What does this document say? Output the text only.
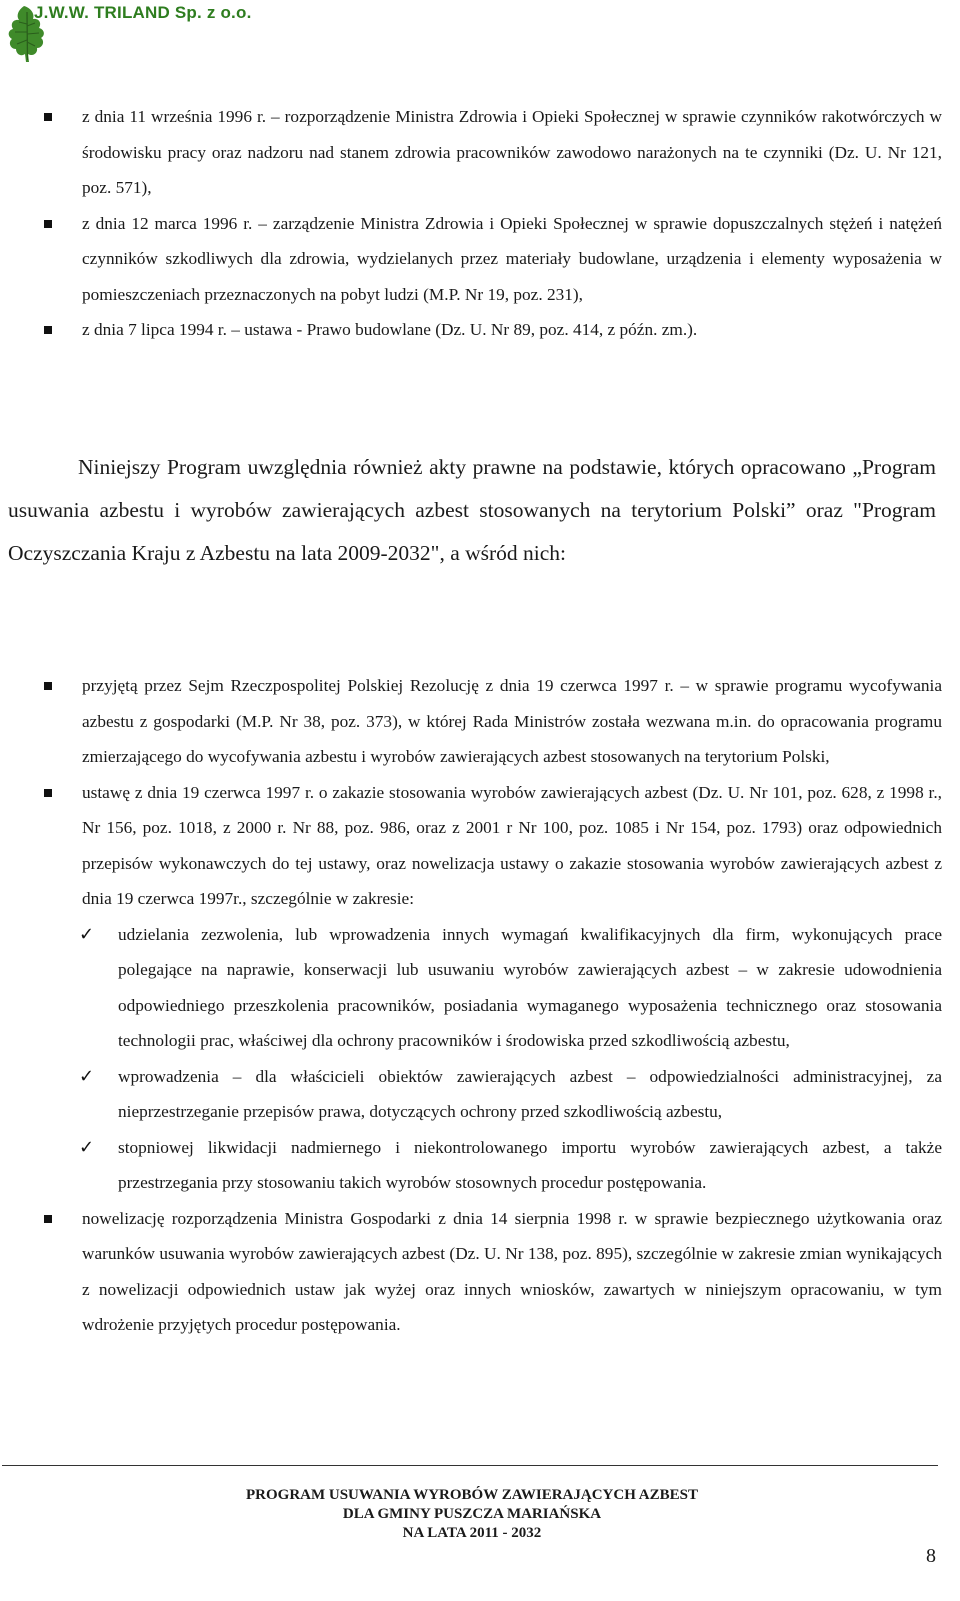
J.W.W. TRILAND Sp. z o.o.
z dnia 11 września 1996 r. – rozporządzenie Ministra Zdrowia i Opieki Społecznej w sprawie czynników rakotwórczych w środowisku pracy oraz nadzoru nad stanem zdrowia pracowników zawodowo narażonych na te czynniki (Dz. U. Nr 121, poz. 571),
z dnia 12 marca 1996 r. – zarządzenie Ministra Zdrowia i Opieki Społecznej w sprawie dopuszczalnych stężeń i natężeń czynników szkodliwych dla zdrowia, wydzielanych przez materiały budowlane, urządzenia i elementy wyposażenia w pomieszczeniach przeznaczonych na pobyt ludzi (M.P. Nr 19, poz. 231),
z dnia 7 lipca 1994 r. – ustawa - Prawo budowlane (Dz. U. Nr 89, poz. 414, z późn. zm.).

Niniejszy Program uwzględnia również akty prawne na podstawie, których opracowano „Program usuwania azbestu i wyrobów zawierających azbest stosowanych na terytorium Polski” oraz "Program Oczyszczania Kraju z Azbestu na lata 2009-2032", a wśród nich:

przyjętą przez Sejm Rzeczpospolitej Polskiej Rezolucję z dnia 19 czerwca 1997 r. – w sprawie programu wycofywania azbestu z gospodarki (M.P. Nr 38, poz. 373), w której Rada Ministrów została wezwana m.in. do opracowania programu zmierzającego do wycofywania azbestu i wyrobów zawierających azbest stosowanych na terytorium Polski,
ustawę z dnia 19 czerwca 1997 r. o zakazie stosowania wyrobów zawierających azbest (Dz. U. Nr 101, poz. 628, z 1998 r., Nr 156, poz. 1018, z 2000 r. Nr 88, poz. 986, oraz z 2001 r Nr 100, poz. 1085 i Nr 154, poz. 1793) oraz odpowiednich przepisów wykonawczych do tej ustawy, oraz nowelizacja ustawy o zakazie stosowania wyrobów zawierających azbest z dnia 19 czerwca 1997r., szczególnie w zakresie:
✓ udzielania zezwolenia, lub wprowadzenia innych wymagań kwalifikacyjnych dla firm, wykonujących prace polegające na naprawie, konserwacji lub usuwaniu wyrobów zawierających azbest – w zakresie udowodnienia odpowiedniego przeszkolenia pracowników, posiadania wymaganego wyposażenia technicznego oraz stosowania technologii prac, właściwej dla ochrony pracowników i środowiska przed szkodliwością azbestu,
✓ wprowadzenia – dla właścicieli obiektów zawierających azbest – odpowiedzialności administracyjnej, za nieprzestrzeganie przepisów prawa, dotyczących ochrony przed szkodliwością azbestu,
✓ stopniowej likwidacji nadmiernego i niekontrolowanego importu wyrobów zawierających azbest, a także przestrzegania przy stosowaniu takich wyrobów stosownych procedur postępowania.
nowelizację rozporządzenia Ministra Gospodarki z dnia 14 sierpnia 1998 r. w sprawie bezpiecznego użytkowania oraz warunków usuwania wyrobów zawierających azbest (Dz. U. Nr 138, poz. 895), szczególnie w zakresie zmian wynikających z nowelizacji odpowiednich ustaw jak wyżej oraz innych wniosków, zawartych w niniejszym opracowaniu, w tym wdrożenie przyjętych procedur postępowania.
PROGRAM USUWANIA WYROBÓW ZAWIERAJĄCYCH AZBEST
DLA GMINY PUSZCZA MARIAŃSKA
NA LATA 2011 - 2032
8
